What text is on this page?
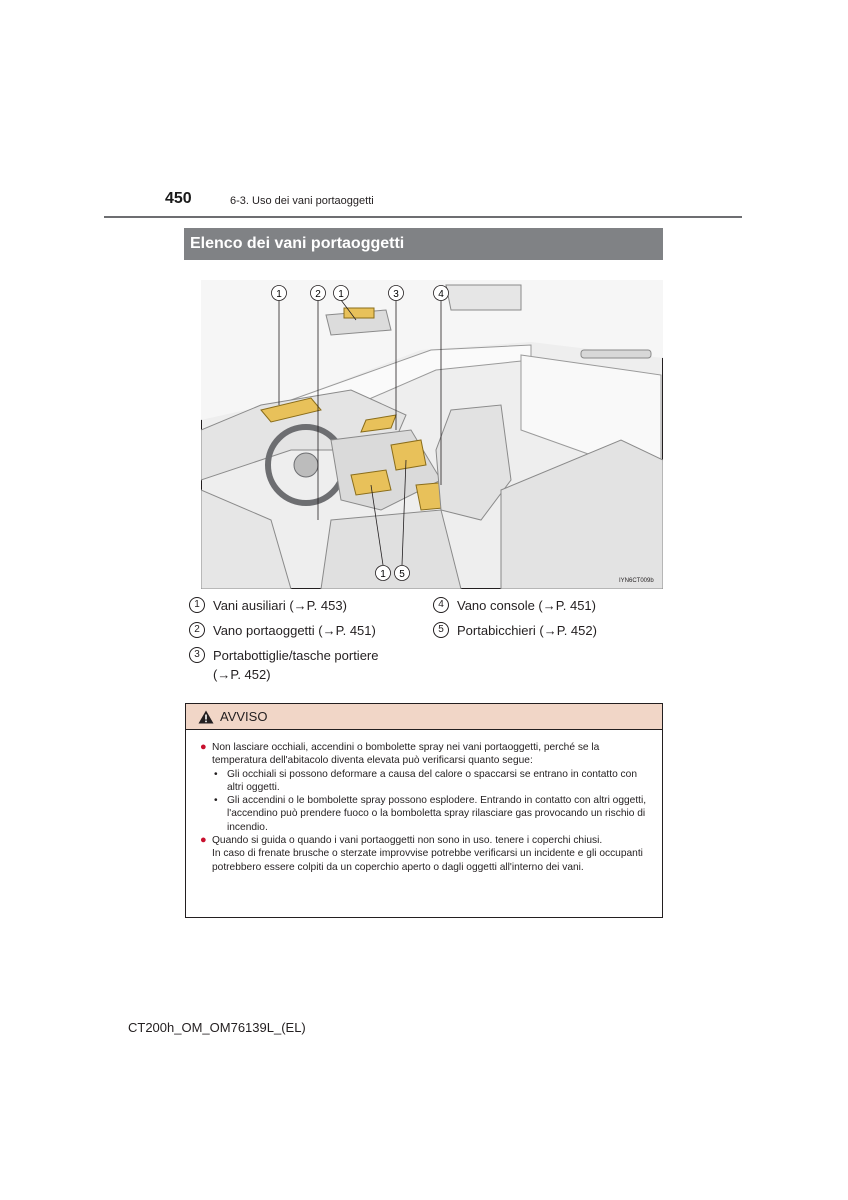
450	6-3. Uso dei vani portaoggetti
Elenco dei vani portaoggetti
1	2 1	3	4
1 5
IYN6CT009b
1	Vani ausiliari (→P. 453)
2	Vano portaoggetti (→P. 451)
3	Portabottiglie/tasche portiere
(→P. 452)
4	Vano console (→P. 451)
5	Portabicchieri (→P. 452)
AVVISO
● Non lasciare occhiali, accendini o bombolette spray nei vani portaoggetti, perché se la temperatura dell'abitacolo diventa elevata può verificarsi quanto segue:
• Gli occhiali si possono deformare a causa del calore o spaccarsi se entrano in contatto con altri oggetti.
• Gli accendini o le bombolette spray possono esplodere. Entrando in contatto con altri oggetti, l'accendino può prendere fuoco o la bomboletta spray rilasciare gas provocando un rischio di incendio.
● Quando si guida o quando i vani portaoggetti non sono in uso. tenere i coperchi chiusi.
In caso di frenate brusche o sterzate improvvise potrebbe verificarsi un incidente e gli occupanti potrebbero essere colpiti da un coperchio aperto o dagli oggetti all'interno dei vani.
CT200h_OM_OM76139L_(EL)
